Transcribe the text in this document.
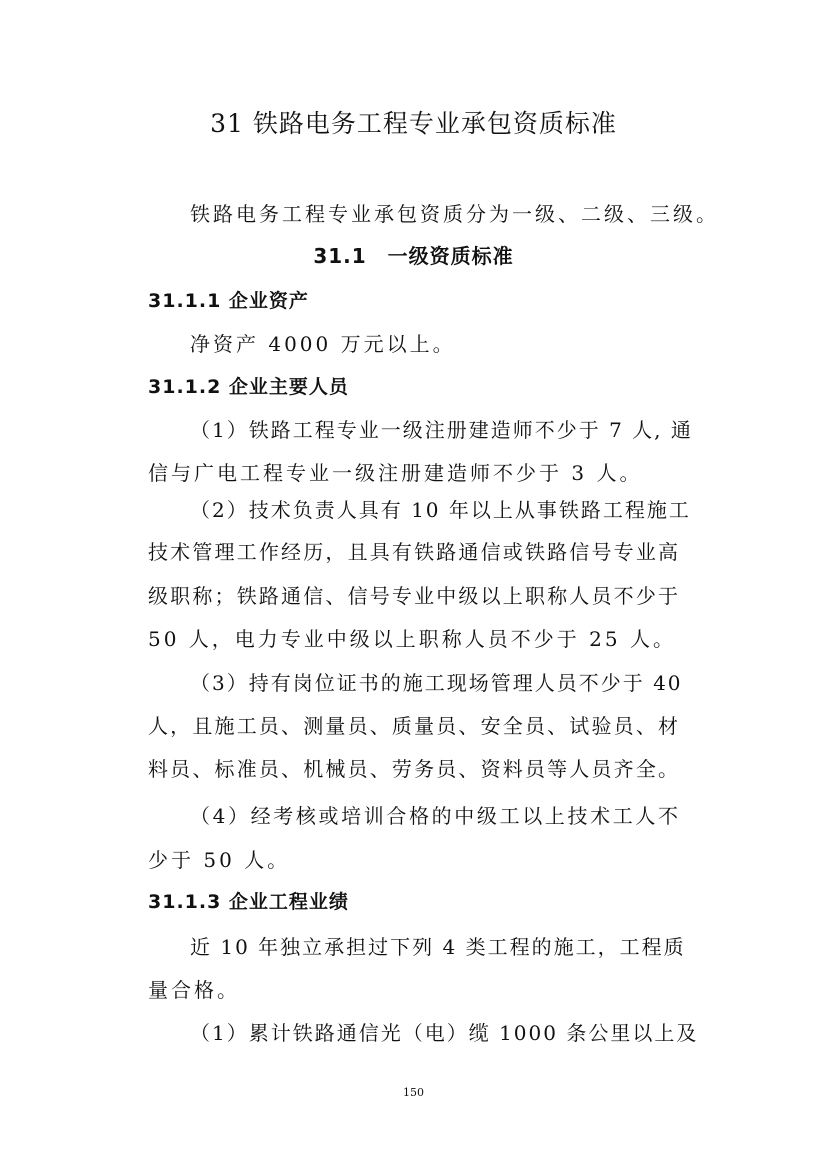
31 铁路电务工程专业承包资质标准
铁路电务工程专业承包资质分为一级、二级、三级。
31.1　一级资质标准
31.1.1 企业资产
净资产 4000 万元以上。
31.1.2 企业主要人员
（1）铁路工程专业一级注册建造师不少于 7 人, 通
信与广电工程专业一级注册建造师不少于 3 人。
（2）技术负责人具有 10 年以上从事铁路工程施工
技术管理工作经历，且具有铁路通信或铁路信号专业高
级职称；铁路通信、信号专业中级以上职称人员不少于
50 人，电力专业中级以上职称人员不少于 25 人。
（3）持有岗位证书的施工现场管理人员不少于 40
人，且施工员、测量员、质量员、安全员、试验员、材
料员、标准员、机械员、劳务员、资料员等人员齐全。
（4）经考核或培训合格的中级工以上技术工人不
少于 50 人。
31.1.3 企业工程业绩
近 10 年独立承担过下列 4 类工程的施工，工程质
量合格。
（1）累计铁路通信光（电）缆 1000 条公里以上及
150
